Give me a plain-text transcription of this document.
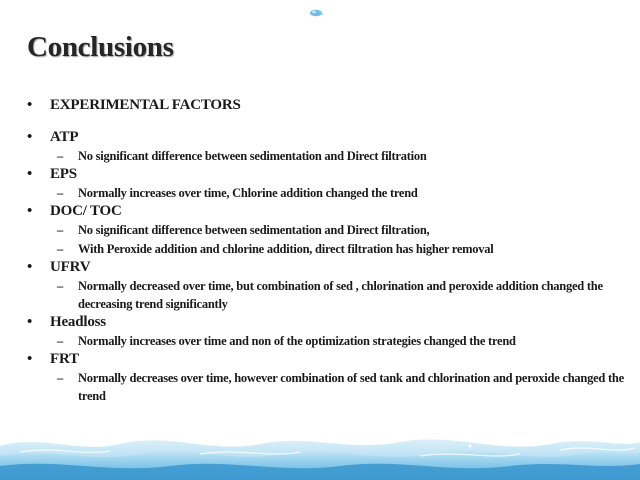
Conclusions
• EXPERIMENTAL FACTORS
• ATP
– No significant difference between sedimentation and Direct filtration
• EPS
– Normally increases over time, Chlorine addition changed the trend
• DOC/ TOC
– No significant difference between sedimentation and Direct filtration,
– With Peroxide addition and chlorine addition, direct filtration has higher removal
• UFRV
– Normally decreased over time, but combination of sed , chlorination and peroxide addition changed the decreasing trend significantly
• Headloss
– Normally increases over time and non of the optimization strategies changed the trend
• FRT
– Normally decreases over time, however combination of sed tank and chlorination and peroxide changed the trend
